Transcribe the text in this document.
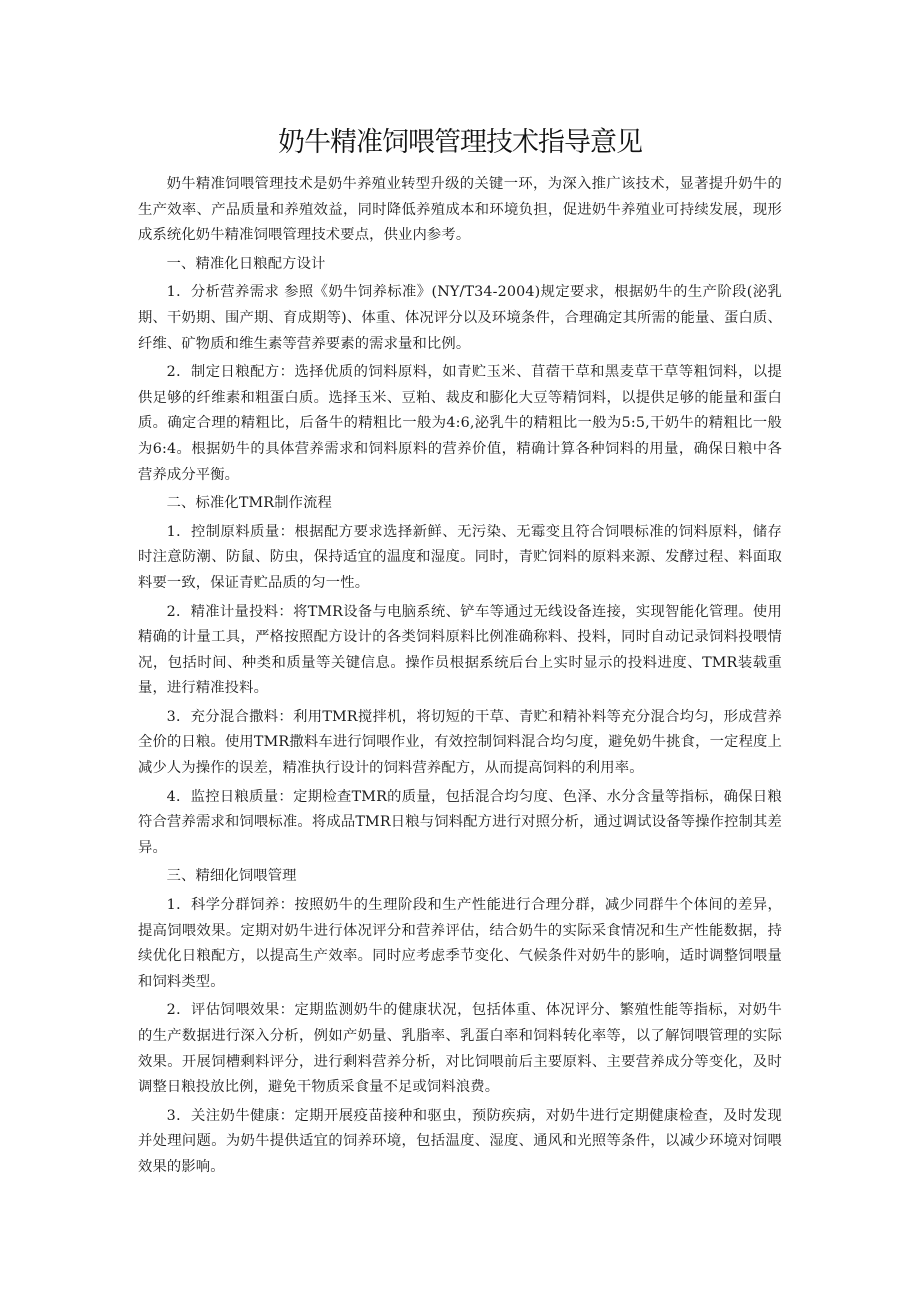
奶牛精准饲喂管理技术指导意见

奶牛精准饲喂管理技术是奶牛养殖业转型升级的关键一环，为深入推广该技术，显著提升奶牛的生产效率、产品质量和养殖效益，同时降低养殖成本和环境负担，促进奶牛养殖业可持续发展，现形成系统化奶牛精准饲喂管理技术要点，供业内参考。

一、精准化日粮配方设计

1．分析营养需求 参照《奶牛饲养标准》(NY/T34-2004)规定要求，根据奶牛的生产阶段(泌乳期、干奶期、围产期、育成期等)、体重、体况评分以及环境条件，合理确定其所需的能量、蛋白质、纤维、矿物质和维生素等营养要素的需求量和比例。

2．制定日粮配方：选择优质的饲料原料，如青贮玉米、苜蓿干草和黑麦草干草等粗饲料，以提供足够的纤维素和粗蛋白质。选择玉米、豆粕、裁皮和膨化大豆等精饲料，以提供足够的能量和蛋白质。确定合理的精粗比，后备牛的精粗比一般为4:6,泌乳牛的精粗比一般为5:5,干奶牛的精粗比一般为6:4。根据奶牛的具体营养需求和饲料原料的营养价值，精确计算各种饲料的用量，确保日粮中各营养成分平衡。

二、标准化TMR制作流程

1．控制原料质量：根据配方要求选择新鲜、无污染、无霉变且符合饲喂标准的饲料原料，储存时注意防潮、防鼠、防虫，保持适宜的温度和湿度。同时，青贮饲料的原料来源、发酵过程、料面取料要一致，保证青贮品质的匀一性。

2．精准计量投料：将TMR设备与电脑系统、铲车等通过无线设备连接，实现智能化管理。使用精确的计量工具，严格按照配方设计的各类饲料原料比例准确称料、投料，同时自动记录饲料投喂情况，包括时间、种类和质量等关键信息。操作员根据系统后台上实时显示的投料进度、TMR装载重量，进行精准投料。

3．充分混合撒料：利用TMR搅拌机，将切短的干草、青贮和精补料等充分混合均匀，形成营养全价的日粮。使用TMR撒料车进行饲喂作业，有效控制饲料混合均匀度，避免奶牛挑食，一定程度上减少人为操作的误差，精准执行设计的饲料营养配方，从而提高饲料的利用率。

4．监控日粮质量：定期检查TMR的质量，包括混合均匀度、色泽、水分含量等指标，确保日粮符合营养需求和饲喂标准。将成品TMR日粮与饲料配方进行对照分析，通过调试设备等操作控制其差异。

三、精细化饲喂管理

1．科学分群饲养：按照奶牛的生理阶段和生产性能进行合理分群，减少同群牛个体间的差异，提高饲喂效果。定期对奶牛进行体况评分和营养评估，结合奶牛的实际采食情况和生产性能数据，持续优化日粮配方，以提高生产效率。同时应考虑季节变化、气候条件对奶牛的影响，适时调整饲喂量和饲料类型。

2．评估饲喂效果：定期监测奶牛的健康状况，包括体重、体况评分、繁殖性能等指标，对奶牛的生产数据进行深入分析，例如产奶量、乳脂率、乳蛋白率和饲料转化率等，以了解饲喂管理的实际效果。开展饲槽剩料评分，进行剩料营养分析，对比饲喂前后主要原料、主要营养成分等变化，及时调整日粮投放比例，避免干物质采食量不足或饲料浪费。

3．关注奶牛健康：定期开展疫苗接种和驱虫，预防疾病，对奶牛进行定期健康检查，及时发现并处理问题。为奶牛提供适宜的饲养环境，包括温度、湿度、通风和光照等条件，以减少环境对饲喂效果的影响。
